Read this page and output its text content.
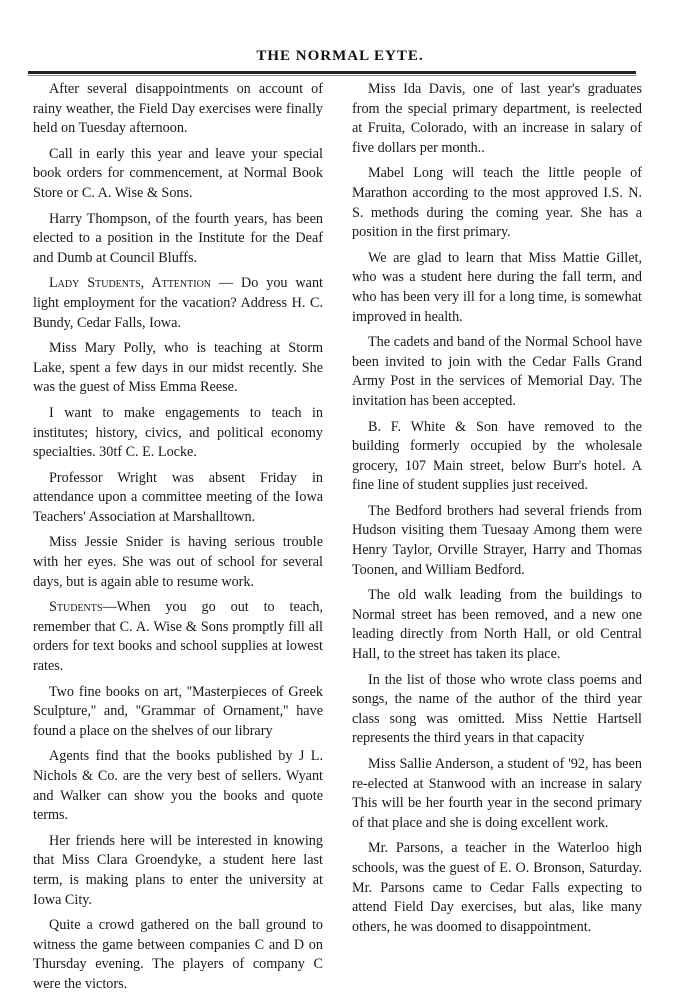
THE NORMAL EYTE.

After several disappointments on account of rainy weather, the Field Day exercises were finally held on Tuesday afternoon.

Call in early this year and leave your special book orders for commencement, at Normal Book Store or C. A. Wise & Sons.

Harry Thompson, of the fourth years, has been elected to a position in the Institute for the Deaf and Dumb at Council Bluffs.

Lady Students, Attention — Do you want light employment for the vacation? Address H. C. Bundy, Cedar Falls, Iowa.

Miss Mary Polly, who is teaching at Storm Lake, spent a few days in our midst recently. She was the guest of Miss Emma Reese.

I want to make engagements to teach in institutes; history, civics, and political economy specialties. 30tf C. E. Locke.

Professor Wright was absent Friday in attendance upon a committee meeting of the Iowa Teachers' Association at Marshalltown.

Miss Jessie Snider is having serious trouble with her eyes. She was out of school for several days, but is again able to resume work.

Students—When you go out to teach, remember that C. A. Wise & Sons promptly fill all orders for text books and school supplies at lowest rates.

Two fine books on art, ''Masterpieces of Greek Sculpture,'' and, ''Grammar of Ornament,'' have found a place on the shelves of our library

Agents find that the books published by J L. Nichols & Co. are the very best of sellers. Wyant and Walker can show you the books and quote terms.

Her friends here will be interested in knowing that Miss Clara Groendyke, a student here last term, is making plans to enter the university at Iowa City.

Quite a crowd gathered on the ball ground to witness the game between companies C and D on Thursday evening. The players of company C were the victors.

Miss Ida Davis, one of last year's graduates from the special primary department, is reelected at Fruita, Colorado, with an increase in salary of five dollars per month..

Mabel Long will teach the little people of Marathon according to the most approved I.S. N. S. methods during the coming year. She has a position in the first primary.

We are glad to learn that Miss Mattie Gillet, who was a student here during the fall term, and who has been very ill for a long time, is somewhat improved in health.

The cadets and band of the Normal School have been invited to join with the Cedar Falls Grand Army Post in the services of Memorial Day. The invitation has been accepted.

B. F. White & Son have removed to the building formerly occupied by the wholesale grocery, 107 Main street, below Burr's hotel. A fine line of student supplies just received.

The Bedford brothers had several friends from Hudson visiting them Tuesaay Among them were Henry Taylor, Orville Strayer, Harry and Thomas Toonen, and William Bedford.

The old walk leading from the buildings to Normal street has been removed, and a new one leading directly from North Hall, or old Central Hall, to the street has taken its place.

In the list of those who wrote class poems and songs, the name of the author of the third year class song was omitted. Miss Nettie Hartsell represents the third years in that capacity

Miss Sallie Anderson, a student of '92, has been re-elected at Stanwood with an increase in salary This will be her fourth year in the second primary of that place and she is doing excellent work.

Mr. Parsons, a teacher in the Waterloo high schools, was the guest of E. O. Bronson, Saturday. Mr. Parsons came to Cedar Falls expecting to attend Field Day exercises, but alas, like many others, he was doomed to disappointment.
